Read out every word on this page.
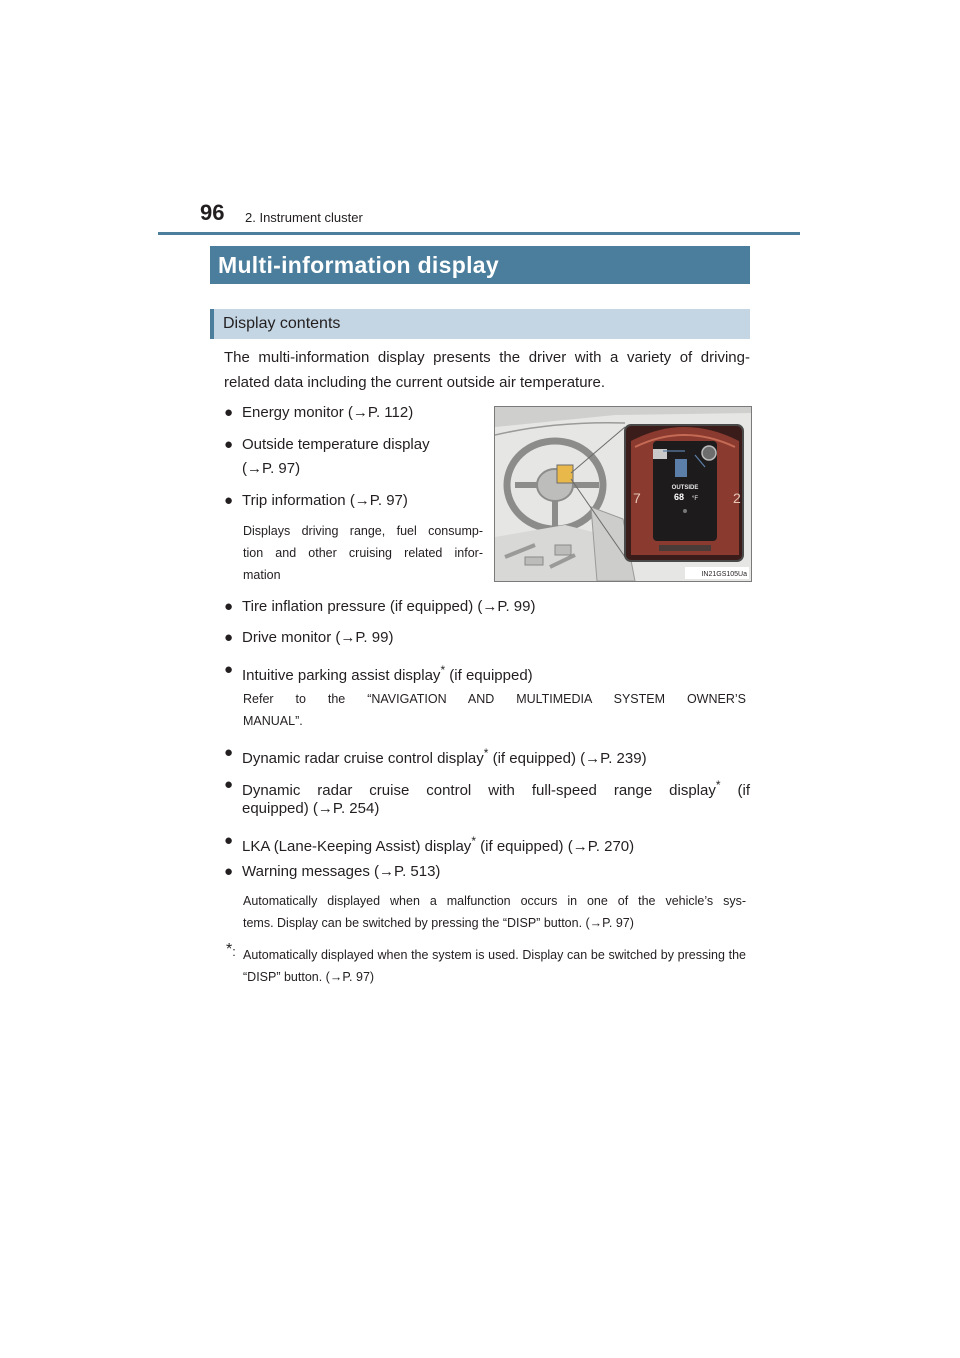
96 2. Instrument cluster
Multi-information display
Display contents
The multi-information display presents the driver with a variety of driving-related data including the current outside air temperature.
● Energy monitor (→P. 112)
● Outside temperature display
(→P. 97)
● Trip information (→P. 97)
Displays driving range, fuel consump-
tion and other cruising related infor-
mation
OUTSIDE
68 °F
7	2
IN21GS105Ua
● Tire inflation pressure (if equipped) (→P. 99)
● Drive monitor (→P. 99)
● Intuitive parking assist display* (if equipped)
Refer to the “NAVIGATION AND MULTIMEDIA SYSTEM OWNER’S
MANUAL”.
● Dynamic radar cruise control display* (if equipped) (→P. 239)
● Dynamic radar cruise control with full-speed range display* (if
equipped) (→P. 254)
● LKA (Lane-Keeping Assist) display* (if equipped) (→P. 270)
● Warning messages (→P. 513)
Automatically displayed when a malfunction occurs in one of the vehicle’s sys-
tems. Display can be switched by pressing the “DISP” button. (→P. 97)
*: Automatically displayed when the system is used. Display can be switched by pressing the “DISP” button. (→P. 97)
